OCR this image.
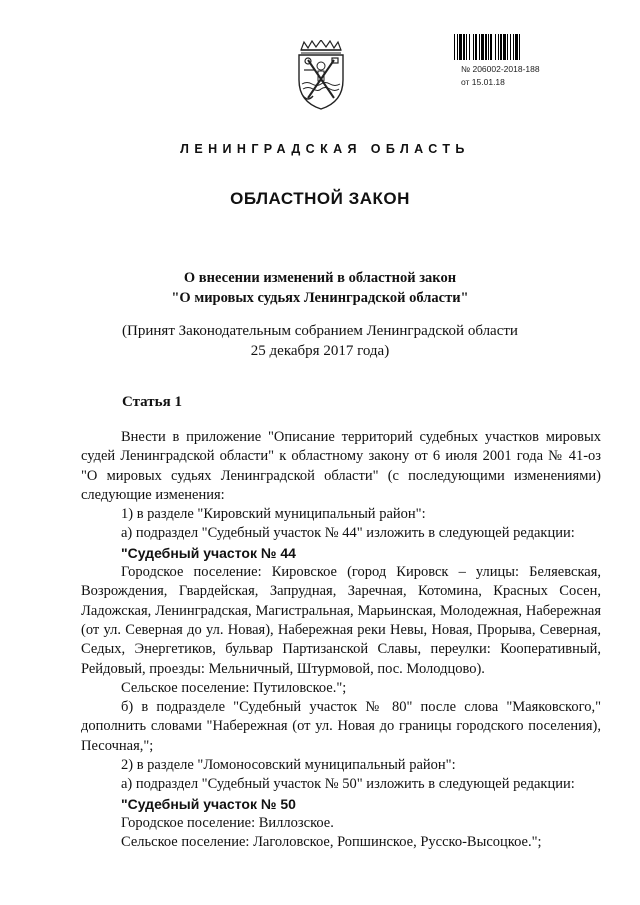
№ 206002-2018-188
от 15.01.18
ЛЕНИНГРАДСКАЯ ОБЛАСТЬ
ОБЛАСТНОЙ ЗАКОН
О внесении изменений в областной закон
"О мировых судьях Ленинградской области"
(Принят Законодательным собранием Ленинградской области
25 декабря 2017 года)
Статья 1

Внести в приложение "Описание территорий судебных участков мировых судей Ленинградской области" к областному закону от 6 июля 2001 года № 41-оз "О мировых судьях Ленинградской области" (с последующими изменениями) следующие изменения:

1) в разделе "Кировский муниципальный район":

а) подраздел "Судебный участок № 44" изложить в следующей редакции:

"Судебный участок № 44

Городское поселение: Кировское (город Кировск – улицы: Беляевская, Возрождения, Гвардейская, Запрудная, Заречная, Котомина, Красных Сосен, Ладожская, Ленинградская, Магистральная, Марьинская, Молодежная, Набережная (от ул. Северная до ул. Новая), Набережная реки Невы, Новая, Прорыва, Северная, Седых, Энергетиков, бульвар Партизанской Славы, переулки: Кооперативный, Рейдовый, проезды: Мельничный, Штурмовой, пос. Молодцово).

Сельское поселение: Путиловское.";

б) в подразделе "Судебный участок № 80" после слова "Маяковского," дополнить словами "Набережная (от ул. Новая до границы городского поселения), Песочная,";

2) в разделе "Ломоносовский муниципальный район":

а) подраздел "Судебный участок № 50" изложить в следующей редакции:

"Судебный участок № 50

Городское поселение: Виллозское.

Сельское поселение: Лаголовское, Ропшинское, Русско-Высоцкое.";
